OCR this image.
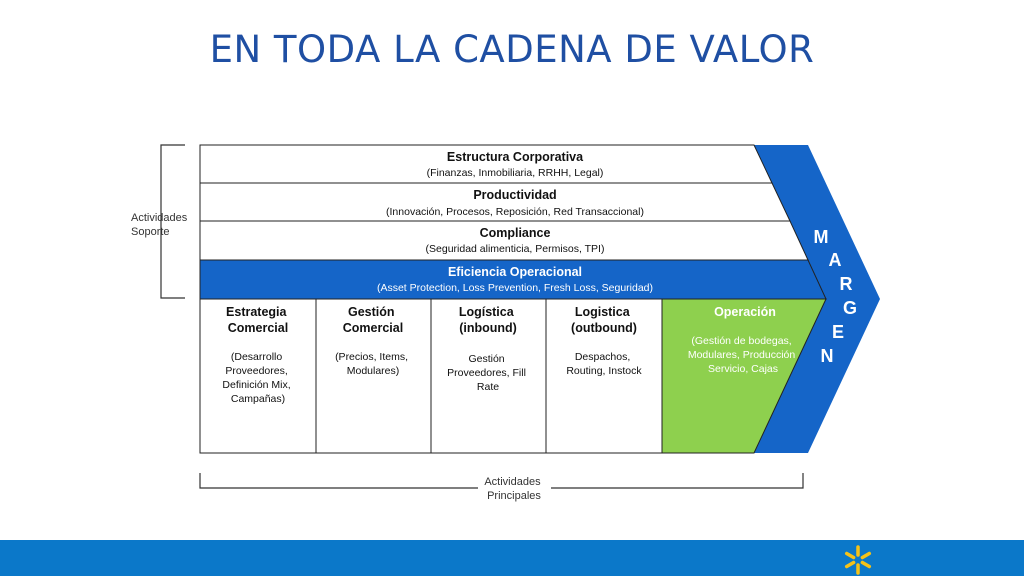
EN TODA LA CADENA DE VALOR
Actividades Soporte
Actividades Principales
Estructura Corporativa
(Finanzas, Inmobiliaria, RRHH, Legal)
Productividad
(Innovación, Procesos, Reposición, Red Transaccional)
Compliance
(Seguridad alimenticia, Permisos, TPI)
Eficiencia Operacional
(Asset Protection, Loss Prevention, Fresh Loss, Seguridad)
Estrategia Comercial
(Desarrollo Proveedores, Definición Mix, Campañas)
Gestión Comercial
(Precios, Items, Modulares)
Logística (inbound)
Gestión Proveedores, Fill Rate
Logistica (outbound)
Despachos, Routing, Instock
Operación
(Gestión de bodegas, Modulares, Producción Servicio, Cajas
M
A
R
G
E
N
